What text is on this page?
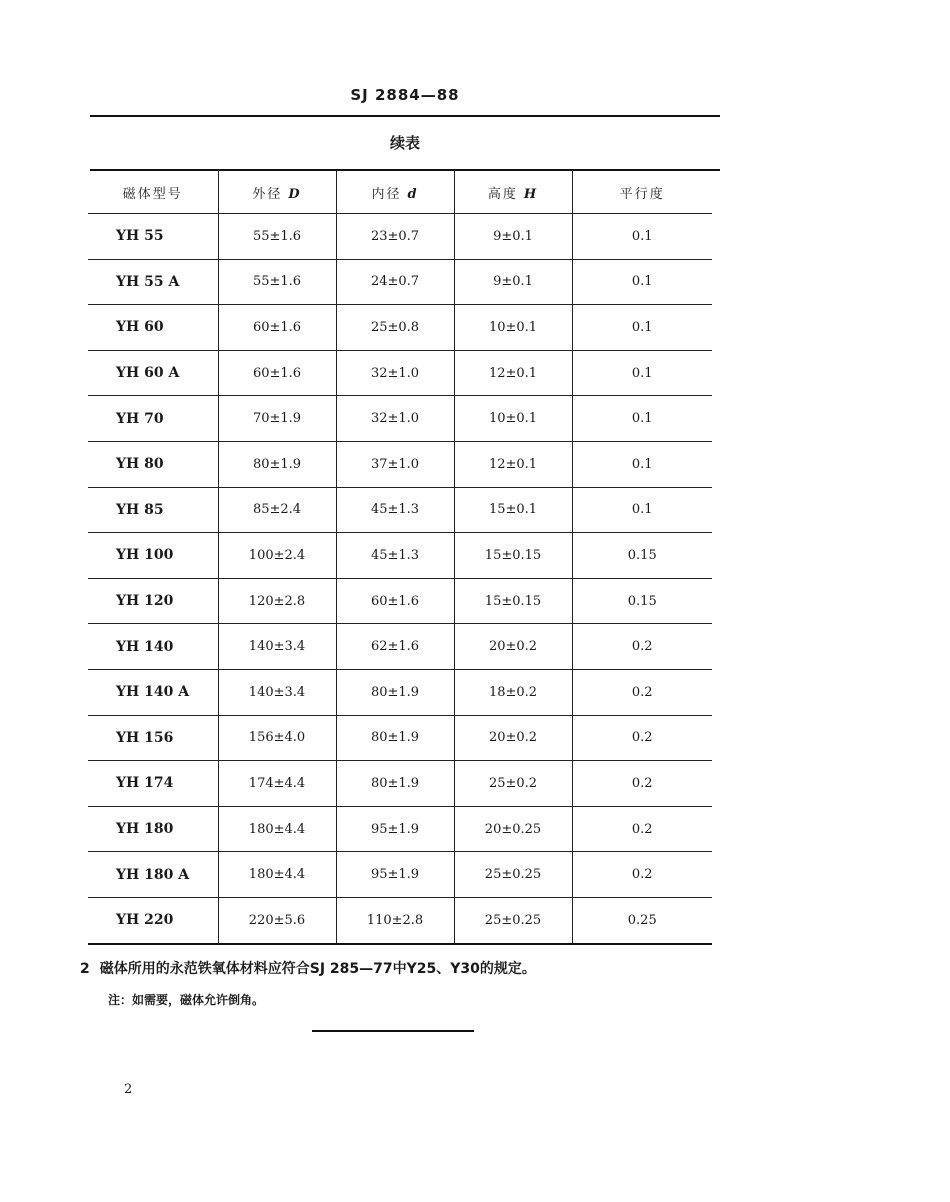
SJ 2884—88
续表
磁体型号	外径 D	内径 d	高度 H	平行度
YH 55	55±1.6	23±0.7	9±0.1	0.1
YH 55 A	55±1.6	24±0.7	9±0.1	0.1
YH 60	60±1.6	25±0.8	10±0.1	0.1
YH 60 A	60±1.6	32±1.0	12±0.1	0.1
YH 70	70±1.9	32±1.0	10±0.1	0.1
YH 80	80±1.9	37±1.0	12±0.1	0.1
YH 85	85±2.4	45±1.3	15±0.1	0.1
YH 100	100±2.4	45±1.3	15±0.15	0.15
YH 120	120±2.8	60±1.6	15±0.15	0.15
YH 140	140±3.4	62±1.6	20±0.2	0.2
YH 140 A	140±3.4	80±1.9	18±0.2	0.2
YH 156	156±4.0	80±1.9	20±0.2	0.2
YH 174	174±4.4	80±1.9	25±0.2	0.2
YH 180	180±4.4	95±1.9	20±0.25	0.2
YH 180 A	180±4.4	95±1.9	25±0.25	0.2
YH 220	220±5.6	110±2.8	25±0.25	0.25
2 磁体所用的永范铁氧体材料应符合SJ 285—77中Y25、Y30的规定。
注：如需要，磁体允许倒角。
2
